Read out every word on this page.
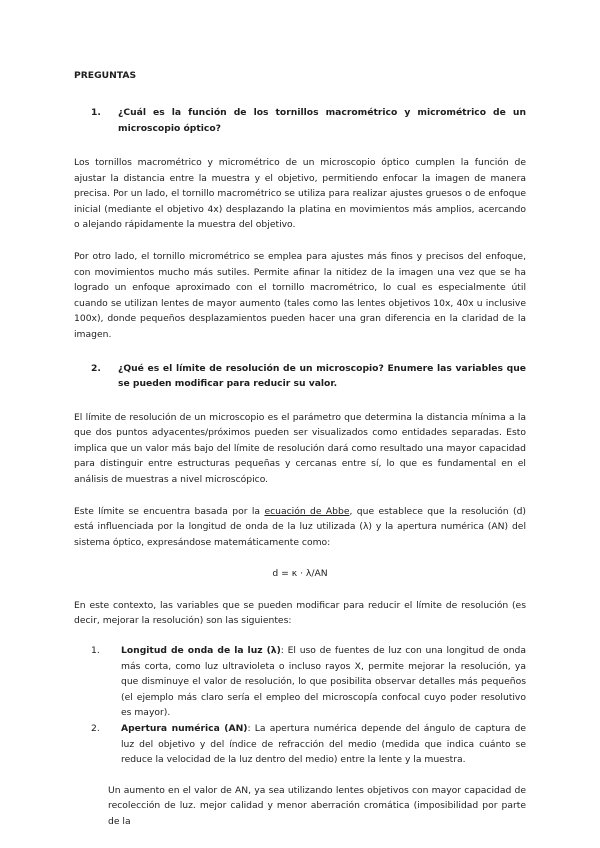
PREGUNTAS
1.	¿Cuál es la función de los tornillos macrométrico y micrométrico de un microscopio óptico?

Los tornillos macrométrico y micrométrico de un microscopio óptico cumplen la función de ajustar la distancia entre la muestra y el objetivo, permitiendo enfocar la imagen de manera precisa. Por un lado, el tornillo macrométrico se utiliza para realizar ajustes gruesos o de enfoque inicial (mediante el objetivo 4x) desplazando la platina en movimientos más amplios, acercando o alejando rápidamente la muestra del objetivo.

Por otro lado, el tornillo micrométrico se emplea para ajustes más finos y precisos del enfoque, con movimientos mucho más sutiles. Permite afinar la nitidez de la imagen una vez que se ha logrado un enfoque aproximado con el tornillo macrométrico, lo cual es especialmente útil cuando se utilizan lentes de mayor aumento (tales como las lentes objetivos 10x, 40x u inclusive 100x), donde pequeños desplazamientos pueden hacer una gran diferencia en la claridad de la imagen.

2.	¿Qué es el límite de resolución de un microscopio? Enumere las variables que se pueden modificar para reducir su valor.

El límite de resolución de un microscopio es el parámetro que determina la distancia mínima a la que dos puntos adyacentes/próximos pueden ser visualizados como entidades separadas. Esto implica que un valor más bajo del límite de resolución dará como resultado una mayor capacidad para distinguir entre estructuras pequeñas y cercanas entre sí, lo que es fundamental en el análisis de muestras a nivel microscópico.

Este límite se encuentra basada por la ecuación de Abbe, que establece que la resolución (d) está influenciada por la longitud de onda de la luz utilizada (λ) y la apertura numérica (AN) del sistema óptico, expresándose matemáticamente como:

d = κ · λ/AN

En este contexto, las variables que se pueden modificar para reducir el límite de resolución (es decir, mejorar la resolución) son las siguientes:

1.	Longitud de onda de la luz (λ): El uso de fuentes de luz con una longitud de onda más corta, como luz ultravioleta o incluso rayos X, permite mejorar la resolución, ya que disminuye el valor de resolución, lo que posibilita observar detalles más pequeños (el ejemplo más claro sería el empleo del microscopía confocal cuyo poder resolutivo es mayor).
2.	Apertura numérica (AN): La apertura numérica depende del ángulo de captura de luz del objetivo y del índice de refracción del medio (medida que indica cuánto se reduce la velocidad de la luz dentro del medio) entre la lente y la muestra.

Un aumento en el valor de AN, ya sea utilizando lentes objetivos con mayor capacidad de recolección de luz. mejor calidad y menor aberración cromática (imposibilidad por parte de la
